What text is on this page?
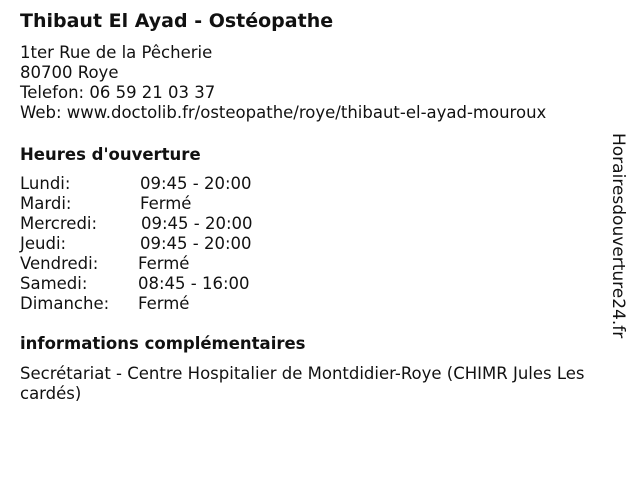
Thibaut El Ayad - Ostéopathe
1ter Rue de la Pêcherie
80700 Roye
Telefon: 06 59 21 03 37
Web: www.doctolib.fr/osteopathe/roye/thibaut-el-ayad-mouroux
Heures d'ouverture
Lundi:	09:45 - 20:00
Mardi:	Fermé
Mercredi:	09:45 - 20:00
Jeudi:	09:45 - 20:00
Vendredi: Fermé
Samedi:	08:45 - 16:00
Dimanche: Fermé
informations complémentaires
Secrétariat - Centre Hospitalier de Montdidier-Roye (CHIMR Jules Les cardés)
Horairesdouverture24.fr
